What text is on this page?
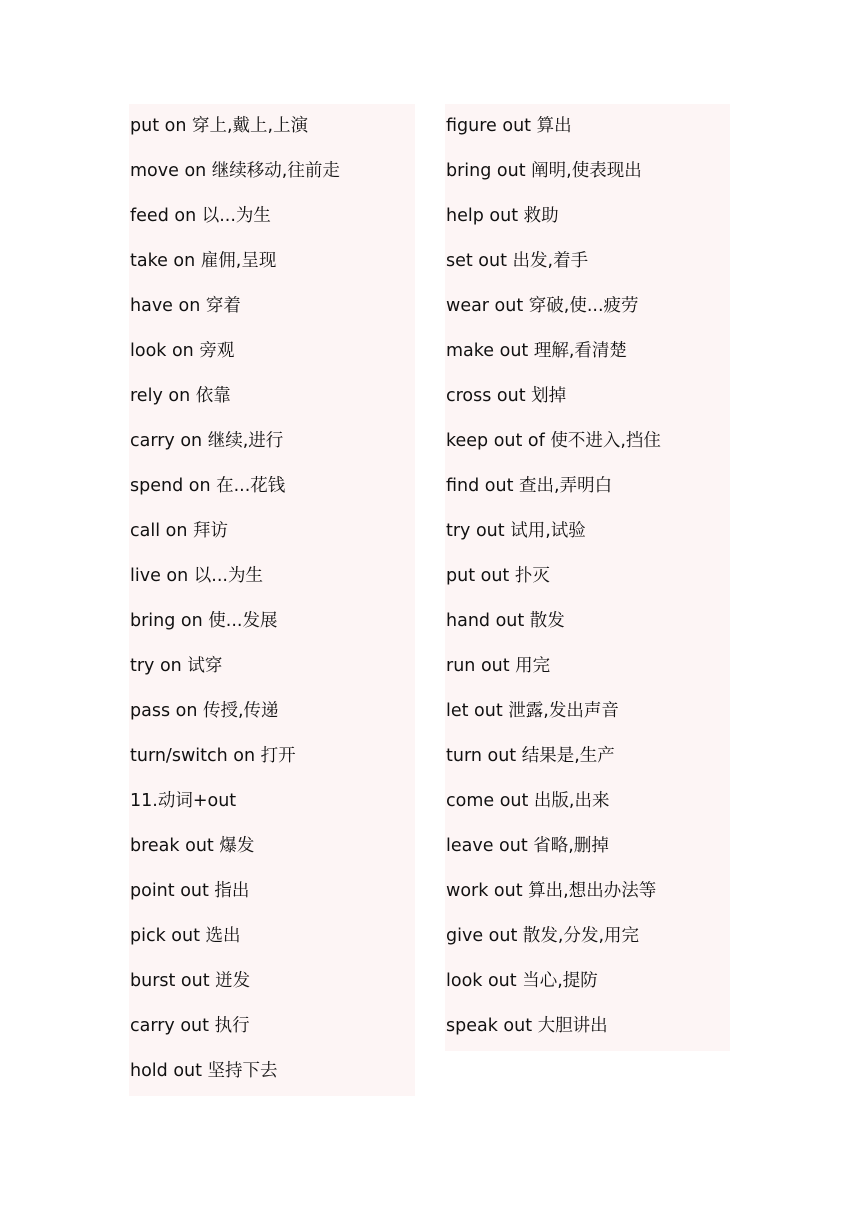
put on 穿上,戴上,上演
move on 继续移动,往前走
feed on 以...为生
take on 雇佣,呈现
have on 穿着
look on 旁观
rely on 依靠
carry on 继续,进行
spend on 在...花钱
call on 拜访
live on 以...为生
bring on 使...发展
try on 试穿
pass on 传授,传递
turn/switch on 打开
11.动词+out
break out 爆发
point out 指出
pick out 选出
burst out 迸发
carry out 执行
hold out 坚持下去
figure out 算出
bring out 阐明,使表现出
help out 救助
set out 出发,着手
wear out 穿破,使...疲劳
make out 理解,看清楚
cross out 划掉
keep out of 使不进入,挡住
find out 查出,弄明白
try out 试用,试验
put out 扑灭
hand out 散发
run out 用完
let out 泄露,发出声音
turn out 结果是,生产
come out 出版,出来
leave out 省略,删掉
work out 算出,想出办法等
give out 散发,分发,用完
look out 当心,提防
speak out 大胆讲出
